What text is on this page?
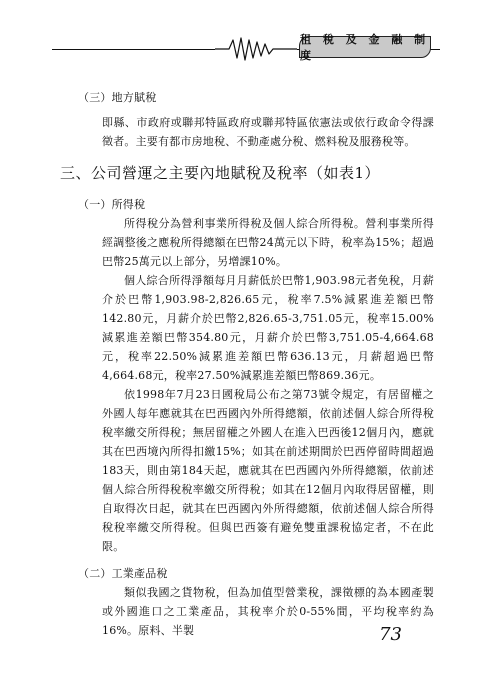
租 稅 及 金 融 制 度

（三）地方賦稅

即縣、市政府或聯邦特區政府或聯邦特區依憲法或依行政命令得課徵者。主要有都市房地稅、不動產處分稅、燃料稅及服務稅等。

三、公司營運之主要內地賦稅及稅率（如表1）

（一）所得稅

所得稅分為營利事業所得稅及個人綜合所得稅。營利事業所得經調整後之應稅所得總額在巴幣24萬元以下時，稅率為15%；超過巴幣25萬元以上部分，另增課10%。

個人綜合所得淨額每月月薪低於巴幣1,903.98元者免稅，月薪介於巴幣1,903.98-2,826.65元，稅率7.5%減累進差額巴幣142.80元，月薪介於巴幣2,826.65-3,751.05元，稅率15.00%減累進差額巴幣354.80元，月薪介於巴幣3,751.05-4,664.68元，稅率22.50%減累進差額巴幣636.13元，月薪超過巴幣4,664.68元，稅率27.50%減累進差額巴幣869.36元。

依1998年7月23日國稅局公布之第73號令規定，有居留權之外國人每年應就其在巴西國內外所得總額，依前述個人綜合所得稅稅率繳交所得稅；無居留權之外國人在進入巴西後12個月內，應就其在巴西境內所得扣繳15%；如其在前述期間於巴西停留時間超過183天，則由第184天起，應就其在巴西國內外所得總額，依前述個人綜合所得稅稅率繳交所得稅；如其在12個月內取得居留權，則自取得次日起，就其在巴西國內外所得總額，依前述個人綜合所得稅稅率繳交所得稅。但與巴西簽有避免雙重課稅協定者，不在此限。

（二）工業產品稅

類似我國之貨物稅，但為加值型營業稅，課徵標的為本國產製或外國進口之工業產品，其稅率介於0-55%間，平均稅率約為16%。原料、半製	73
